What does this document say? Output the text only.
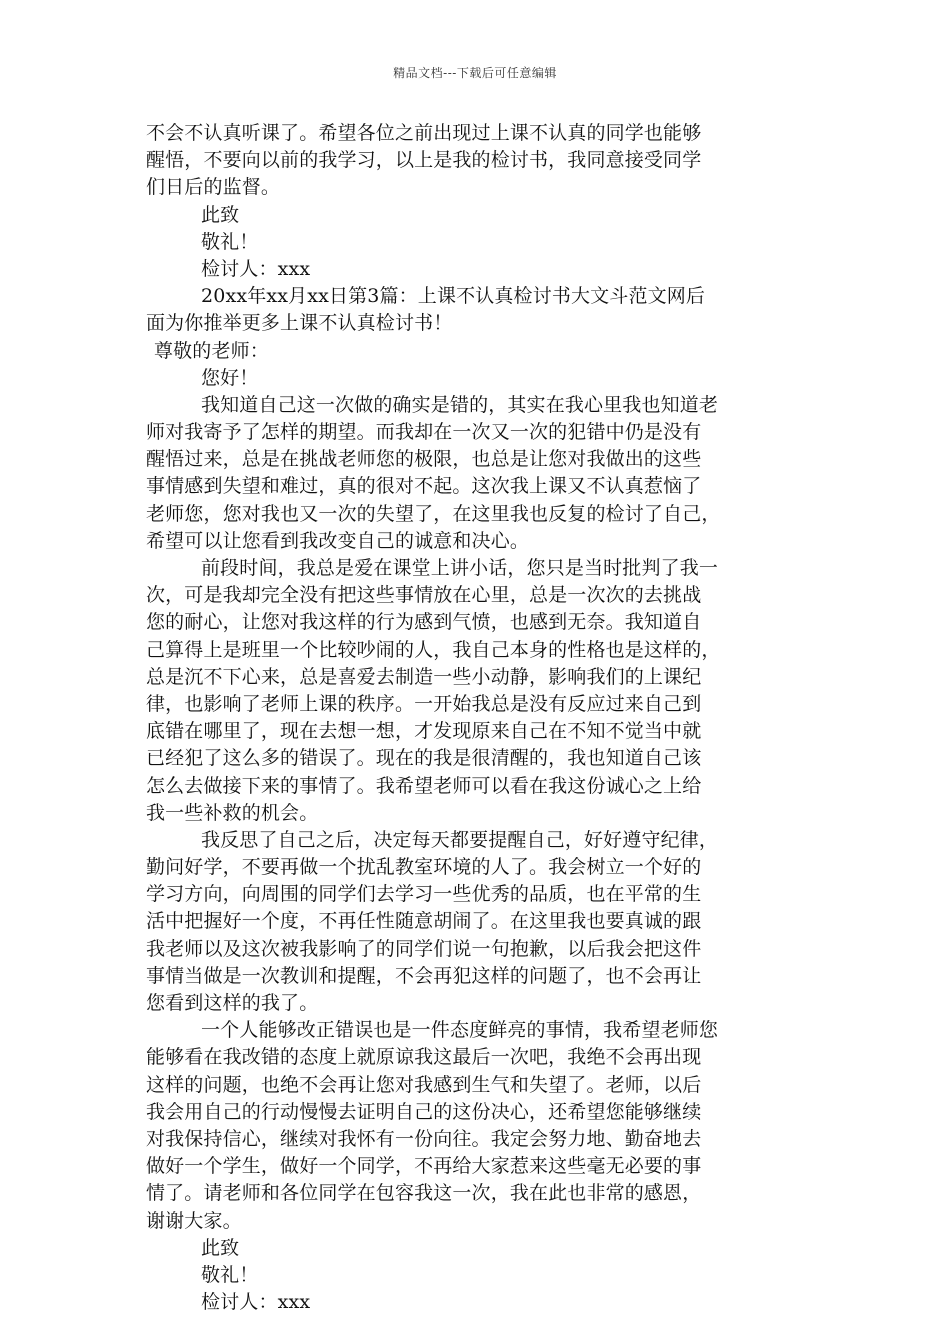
精品文档---下载后可任意编辑
不会不认真听课了。希望各位之前出现过上课不认真的同学也能够
醒悟，不要向以前的我学习，以上是我的检讨书，我同意接受同学
们日后的监督。
此致
敬礼！
检讨人：xxx
20xx年xx月xx日第3篇：上课不认真检讨书大文斗范文网后
面为你推举更多上课不认真检讨书！
尊敬的老师：
您好！
我知道自己这一次做的确实是错的，其实在我心里我也知道老
师对我寄予了怎样的期望。而我却在一次又一次的犯错中仍是没有
醒悟过来，总是在挑战老师您的极限，也总是让您对我做出的这些
事情感到失望和难过，真的很对不起。这次我上课又不认真惹恼了
老师您，您对我也又一次的失望了，在这里我也反复的检讨了自己，
希望可以让您看到我改变自己的诚意和决心。
前段时间，我总是爱在课堂上讲小话，您只是当时批判了我一
次，可是我却完全没有把这些事情放在心里，总是一次次的去挑战
您的耐心，让您对我这样的行为感到气愤，也感到无奈。我知道自
己算得上是班里一个比较吵闹的人，我自己本身的性格也是这样的，
总是沉不下心来，总是喜爱去制造一些小动静，影响我们的上课纪
律，也影响了老师上课的秩序。一开始我总是没有反应过来自己到
底错在哪里了，现在去想一想，才发现原来自己在不知不觉当中就
已经犯了这么多的错误了。现在的我是很清醒的，我也知道自己该
怎么去做接下来的事情了。我希望老师可以看在我这份诚心之上给
我一些补救的机会。
我反思了自己之后，决定每天都要提醒自己，好好遵守纪律，
勤问好学，不要再做一个扰乱教室环境的人了。我会树立一个好的
学习方向，向周围的同学们去学习一些优秀的品质，也在平常的生
活中把握好一个度，不再任性随意胡闹了。在这里我也要真诚的跟
我老师以及这次被我影响了的同学们说一句抱歉，以后我会把这件
事情当做是一次教训和提醒，不会再犯这样的问题了，也不会再让
您看到这样的我了。
一个人能够改正错误也是一件态度鲜亮的事情，我希望老师您
能够看在我改错的态度上就原谅我这最后一次吧，我绝不会再出现
这样的问题，也绝不会再让您对我感到生气和失望了。老师，以后
我会用自己的行动慢慢去证明自己的这份决心，还希望您能够继续
对我保持信心，继续对我怀有一份向往。我定会努力地、勤奋地去
做好一个学生，做好一个同学，不再给大家惹来这些毫无必要的事
情了。请老师和各位同学在包容我这一次，我在此也非常的感恩，
谢谢大家。
此致
敬礼！
检讨人：xxx
